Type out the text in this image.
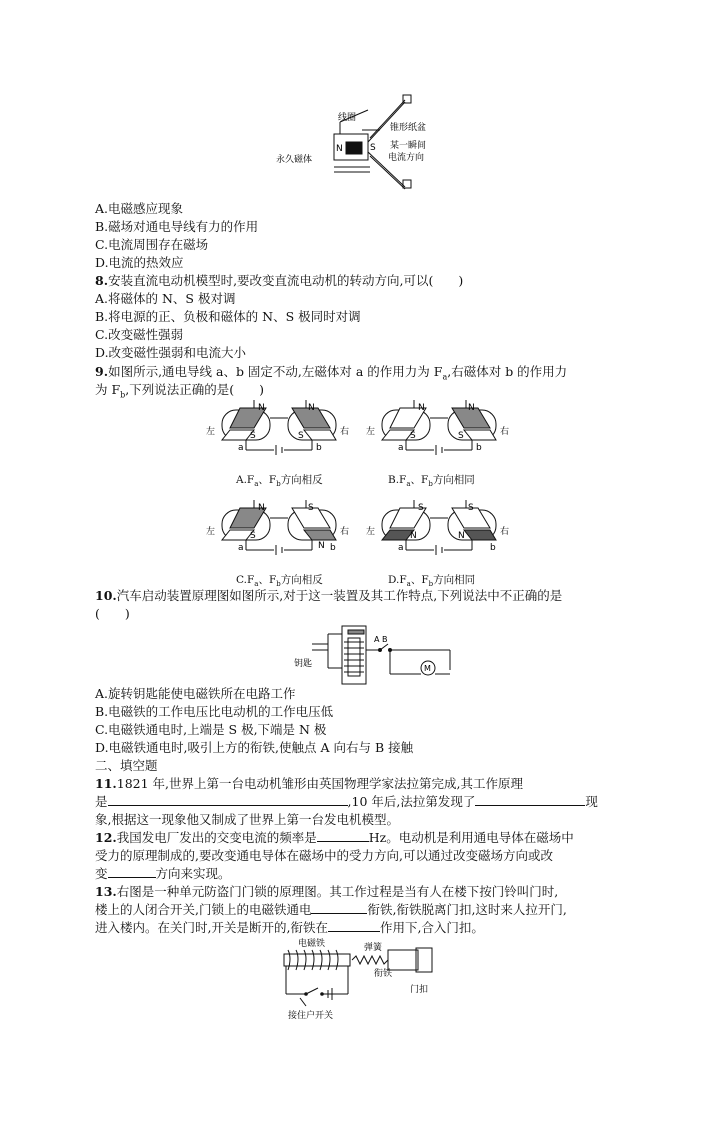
线圈
锥形纸盆
永久磁体
N	S 某一瞬间
电流方向
A.电磁感应现象
B.磁场对通电导线有力的作用
C.电流周围存在磁场
D.电流的热效应
8.安装直流电动机模型时,要改变直流电动机的转动方向,可以(　　)
A.将磁体的 N、S 极对调
B.将电源的正、负极和磁体的 N、S 极同时对调
C.改变磁性强弱
D.改变磁性强弱和电流大小
9.如图所示,通电导线 a、b 固定不动,左磁体对 a 的作用力为 $F_a$,右磁体对 b 的作用力
为 $F_b$,下列说法正确的是(　　)
左	右
N	N
S	S
a	b
左	右
N	N
S	S
a	b
左	右
N
N
S
S
a	b
左	右
S	S
N	N
a	b
$A.F_a$、$F_b$方向相反	$B.F_a$、$F_b$方向相同
$C.F_a$、$F_b$方向相反	$D.F_a$、$F_b$方向相同
10.汽车启动装置原理图如图所示,对于这一装置及其工作特点,下列说法中不正确的是
(　　)
钥匙
A B
M
A.旋转钥匙能使电磁铁所在电路工作
B.电磁铁的工作电压比电动机的工作电压低
C.电磁铁通电时,上端是 S 极,下端是 N 极
D.电磁铁通电时,吸引上方的衔铁,使触点 A 向右与 B 接触
二、填空题
11.1821 年,世界上第一台电动机雏形由英国物理学家法拉第完成,其工作原理
是	,10 年后,法拉第发现了	现
象,根据这一现象他又制成了世界上第一台发电机模型。
12.我国发电厂发出的交变电流的频率是	Hz。电动机是利用通电导体在磁场中
受力的原理制成的,要改变通电导体在磁场中的受力方向,可以通过改变磁场方向或改
变	方向来实现。
13.右图是一种单元防盗门门锁的原理图。其工作过程是当有人在楼下按门铃叫门时,
楼上的人闭合开关,门锁上的电磁铁通电	衔铁,衔铁脱离门扣,这时来人拉开门,
进入楼内。在关门时,开关是断开的,衔铁在	作用下,合入门扣。
电磁铁	弹簧
衔铁
门扣
接住户开关
